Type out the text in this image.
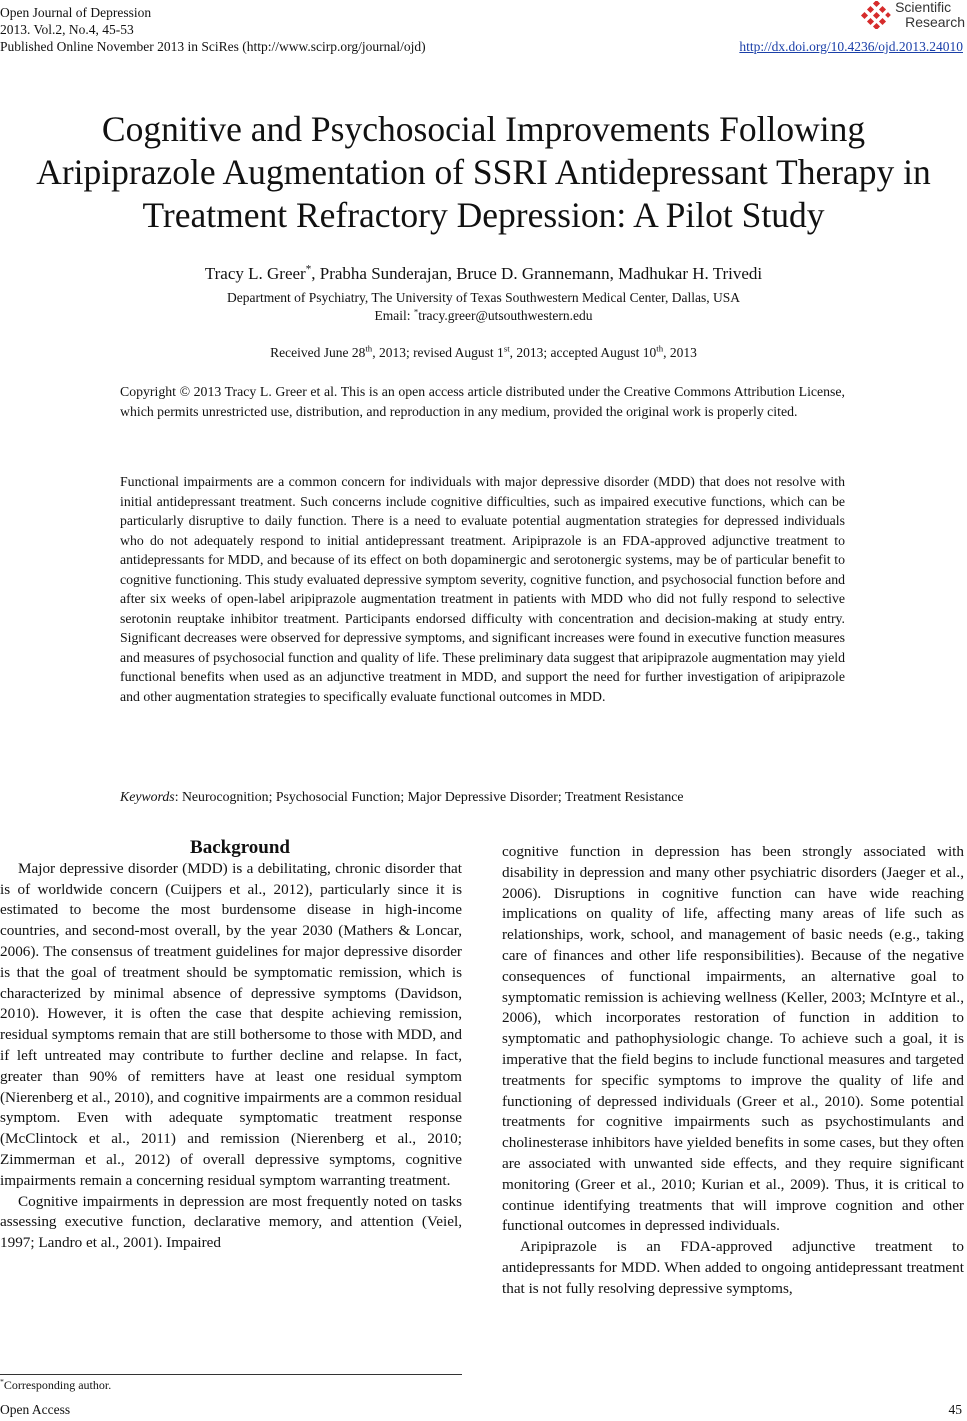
Open Journal of Depression
2013. Vol.2, No.4, 45-53
Published Online November 2013 in SciRes (http://www.scirp.org/journal/ojd)
Scientific
Research
http://dx.doi.org/10.4236/ojd.2013.24010
Cognitive and Psychosocial Improvements Following
Aripiprazole Augmentation of SSRI Antidepressant Therapy in
Treatment Refractory Depression: A Pilot Study
Tracy L. Greer*, Prabha Sunderajan, Bruce D. Grannemann, Madhukar H. Trivedi
Department of Psychiatry, The University of Texas Southwestern Medical Center, Dallas, USA
Email: *tracy.greer@utsouthwestern.edu
Received June 28th, 2013; revised August 1st, 2013; accepted August 10th, 2013
Copyright © 2013 Tracy L. Greer et al. This is an open access article distributed under the Creative Commons Attribution License, which permits unrestricted use, distribution, and reproduction in any medium, provided the original work is properly cited.
Functional impairments are a common concern for individuals with major depressive disorder (MDD) that does not resolve with initial antidepressant treatment. Such concerns include cognitive difficulties, such as impaired executive functions, which can be particularly disruptive to daily function. There is a need to evaluate potential augmentation strategies for depressed individuals who do not adequately respond to initial antidepressant treatment. Aripiprazole is an FDA-approved adjunctive treatment to antidepressants for MDD, and because of its effect on both dopaminergic and serotonergic systems, may be of particular benefit to cognitive functioning. This study evaluated depressive symptom severity, cognitive function, and psychosocial function before and after six weeks of open-label aripiprazole augmentation treatment in patients with MDD who did not fully respond to selective serotonin reuptake inhibitor treatment. Participants endorsed difficulty with concentration and decision-making at study entry. Significant decreases were observed for depressive symptoms, and significant increases were found in executive function measures and measures of psychosocial function and quality of life. These preliminary data suggest that aripiprazole augmentation may yield functional benefits when used as an adjunctive treatment in MDD, and support the need for further investigation of aripiprazole and other augmentation strategies to specifically evaluate functional outcomes in MDD.
Keywords: Neurocognition; Psychosocial Function; Major Depressive Disorder; Treatment Resistance

Background

Major depressive disorder (MDD) is a debilitating, chronic disorder that is of worldwide concern (Cuijpers et al., 2012), particularly since it is estimated to become the most burdensome disease in high-income countries, and second-most overall, by the year 2030 (Mathers & Loncar, 2006). The consensus of treatment guidelines for major depressive disorder is that the goal of treatment should be symptomatic remission, which is characterized by minimal absence of depressive symptoms (Davidson, 2010). However, it is often the case that despite achieving remission, residual symptoms remain that are still bothersome to those with MDD, and if left untreated may contribute to further decline and relapse. In fact, greater than 90% of remitters have at least one residual symptom (Nierenberg et al., 2010), and cognitive impairments are a common residual symptom. Even with adequate symptomatic treatment response (McClintock et al., 2011) and remission (Nierenberg et al., 2010; Zimmerman et al., 2012) of overall depressive symptoms, cognitive impairments remain a concerning residual symptom warranting treatment.

Cognitive impairments in depression are most frequently noted on tasks assessing executive function, declarative memory, and attention (Veiel, 1997; Landro et al., 2001). Impaired

cognitive function in depression has been strongly associated with disability in depression and many other psychiatric disorders (Jaeger et al., 2006). Disruptions in cognitive function can have wide reaching implications on quality of life, affecting many areas of life such as relationships, work, school, and management of basic needs (e.g., taking care of finances and other life responsibilities). Because of the negative consequences of functional impairments, an alternative goal to symptomatic remission is achieving wellness (Keller, 2003; McIntyre et al., 2006), which incorporates restoration of function in addition to symptomatic and pathophysiologic change. To achieve such a goal, it is imperative that the field begins to include functional measures and targeted treatments for specific symptoms to improve the quality of life and functioning of depressed individuals (Greer et al., 2010). Some potential treatments for cognitive impairments such as psychostimulants and cholinesterase inhibitors have yielded benefits in some cases, but they often are associated with unwanted side effects, and they require significant monitoring (Greer et al., 2010; Kurian et al., 2009). Thus, it is critical to continue identifying treatments that will improve cognition and other functional outcomes in depressed individuals.

Aripiprazole is an FDA-approved adjunctive treatment to antidepressants for MDD. When added to ongoing antidepressant treatment that is not fully resolving depressive symptoms,

*Corresponding author.
Open Access	45
